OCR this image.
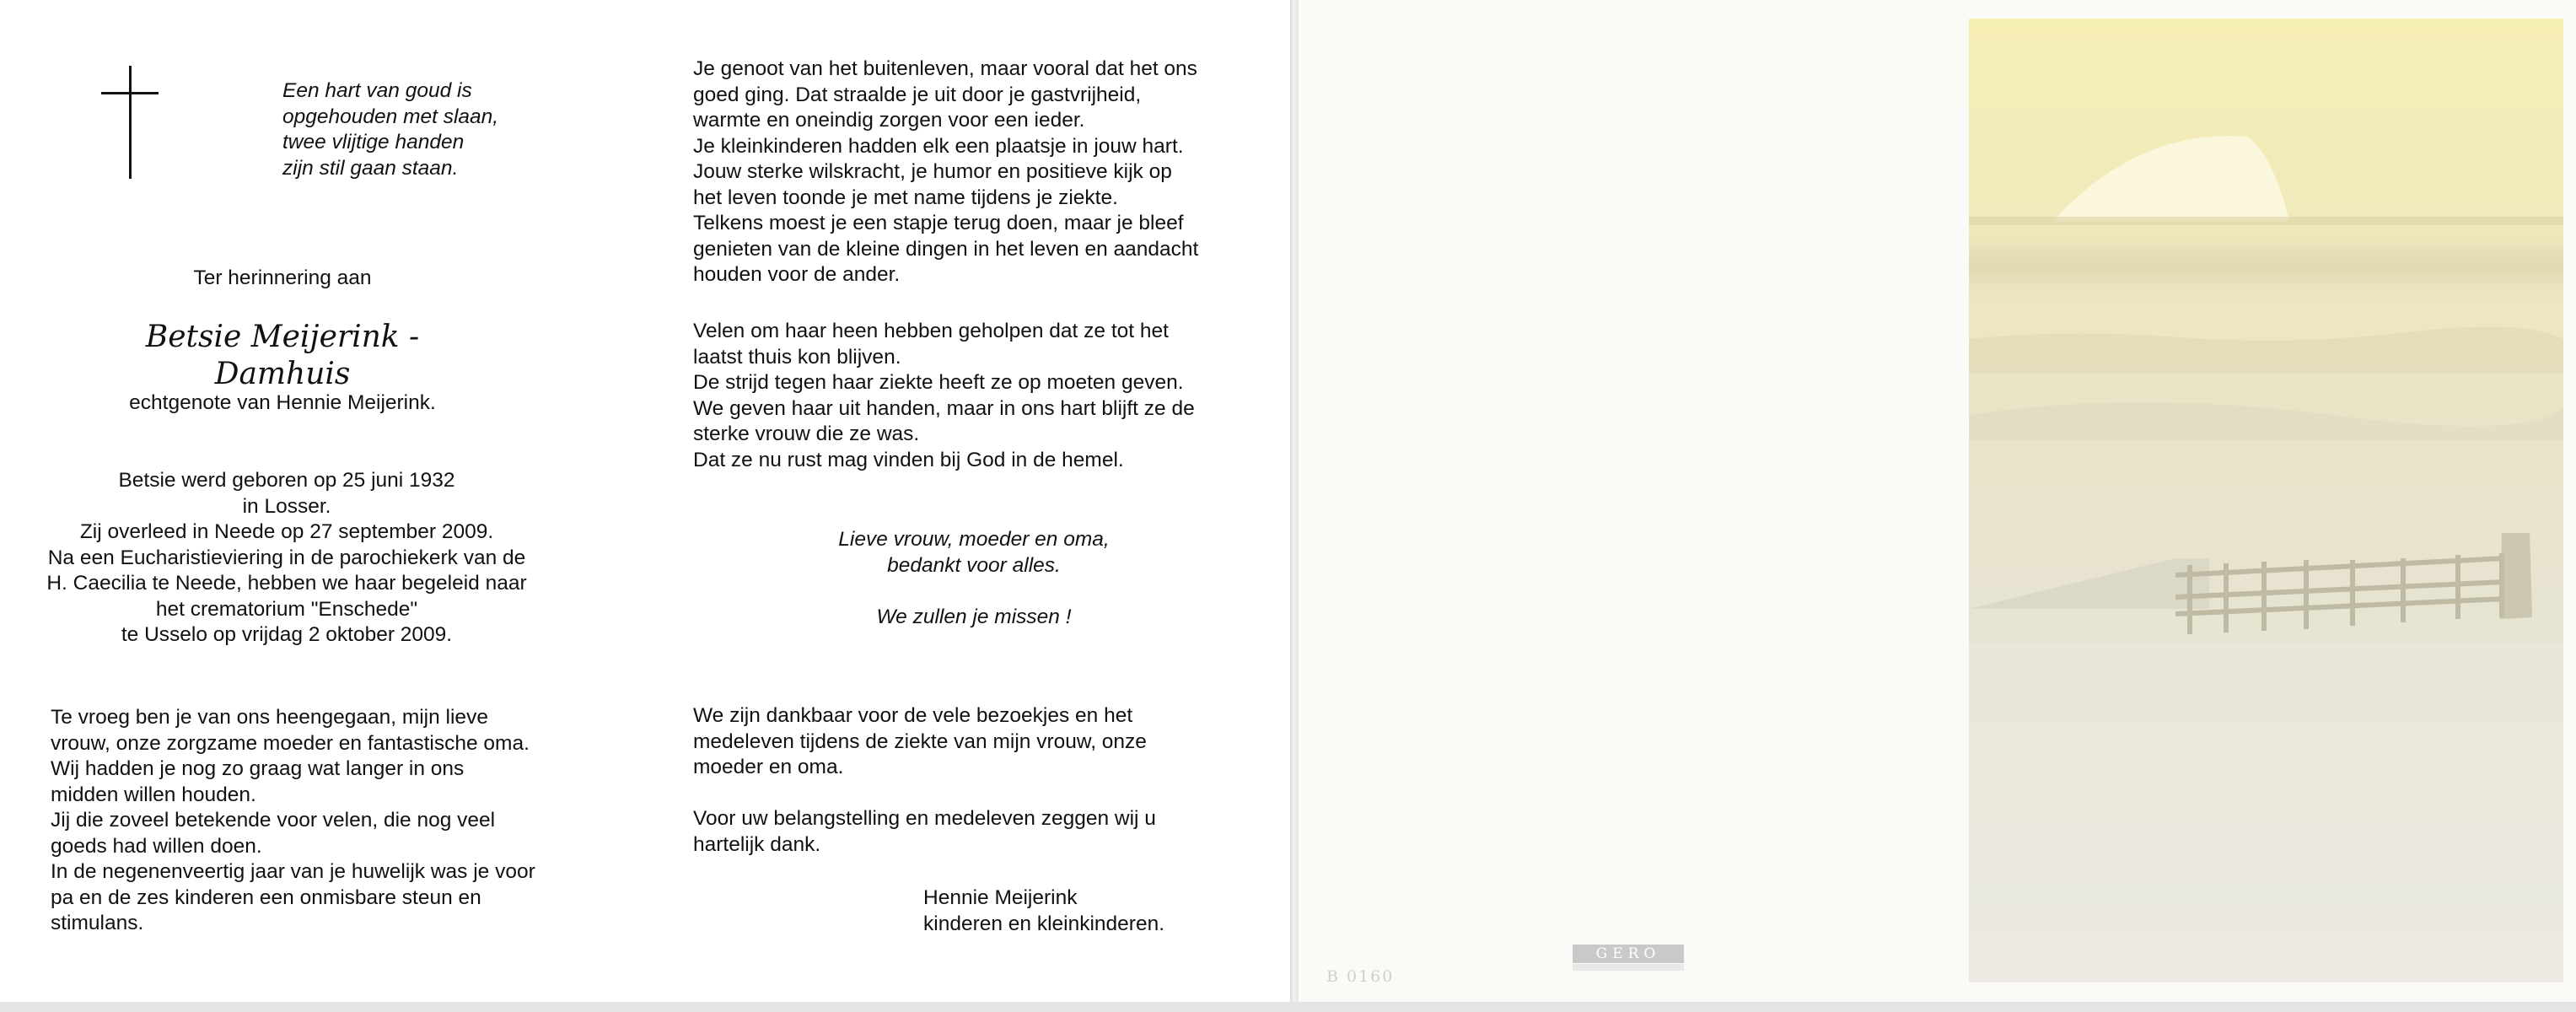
Een hart van goud is
opgehouden met slaan,
twee vlijtige handen
zijn stil gaan staan.
Ter herinnering aan
Betsie Meijerink - Damhuis
echtgenote van Hennie Meijerink.
Betsie werd geboren op 25 juni 1932
in Losser.
Zij overleed in Neede op 27 september 2009.
Na een Eucharistieviering in de parochiekerk van de
H. Caecilia te Neede, hebben we haar begeleid naar
het crematorium "Enschede"
te Usselo op vrijdag 2 oktober 2009.
Te vroeg ben je van ons heengegaan, mijn lieve
vrouw, onze zorgzame moeder en fantastische oma.
Wij hadden je nog zo graag wat langer in ons
midden willen houden.
Jij die zoveel betekende voor velen, die nog veel
goeds had willen doen.
In de negenenveertig jaar van je huwelijk was je voor
pa en de zes kinderen een onmisbare steun en
stimulans.
Je genoot van het buitenleven, maar vooral dat het ons
goed ging. Dat straalde je uit door je gastvrijheid,
warmte en oneindig zorgen voor een ieder.
Je kleinkinderen hadden elk een plaatsje in jouw hart.
Jouw sterke wilskracht, je humor en positieve kijk op
het leven toonde je met name tijdens je ziekte.
Telkens moest je een stapje terug doen, maar je bleef
genieten van de kleine dingen in het leven en aandacht
houden voor de ander.
Velen om haar heen hebben geholpen dat ze tot het
laatst thuis kon blijven.
De strijd tegen haar ziekte heeft ze op moeten geven.
We geven haar uit handen, maar in ons hart blijft ze de
sterke vrouw die ze was.
Dat ze nu rust mag vinden bij God in de hemel.
Lieve vrouw, moeder en oma,
bedankt voor alles.
We zullen je missen !
We zijn dankbaar voor de vele bezoekjes en het
medeleven tijdens de ziekte van mijn vrouw, onze
moeder en oma.
Voor uw belangstelling en medeleven zeggen wij u
hartelijk dank.
Hennie Meijerink
kinderen en kleinkinderen.
GERO
B 0160
